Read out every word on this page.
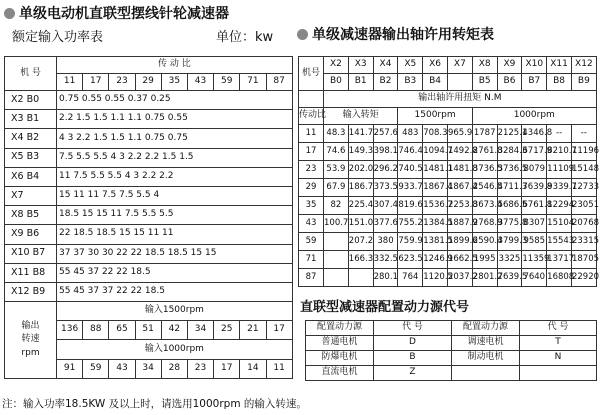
单级电动机直联型摆线针轮减速器
额定输入功率表	单位：kw
机 号	传 动 比								
	11	17	23	29	35	43	59	71	87
X2 B0	0.75 0.55 0.55 0.37 0.25								
X3 B1	2.2 1.5 1.5 1.1 1.1 0.75 0.55								
X4 B2	4 3 2.2 1.5 1.5 1.1 0.75 0.75								
X5 B3	7.5 5.5 5.5 4 3 2.2 2.2 1.5 1.5								
X6 B4	11 7.5 5.5 5.5 4 3 2.2 2.2								
X7	15 11 11 7.5 7.5 5.5 4								
X8 B5	18.5 15 15 11 7.5 5.5 5.5								
X9 B6	22 18.5 18.5 15 15 11 11								
X10 B7	37 37 30 30 22 22 18.5 18.5 15 15								
X11 B8	55 45 37 22 22 18.5								
X12 B9	55 45 37 37 22 22 18.5								

输出
转速
rpm	输入1500rpm								
	136	88	65	51	42	34	25	21	17
	输入1000rpm								
	91	59	43	34	28	23	17	14	11
单级减速器输出轴许用转矩表
机号	X2	X3	X4	X5	X6	X7	X8	X9	X10	X11	X12
	B0	B1	B2	B3	B4		B5	B6	B7	B8	B9
	输出轴许用扭矩 N.M										
传动比	输入转矩			1500rpm			1000rpm				
11	48.3	141.7	257.6	483	708.3	965.9	1787	2125.1	4346.8	--	--
17	74.6	149.3	398.1	746.4	1094.7	1492.8	2761.8	3284.3	6717.9	8210.7	11196
23	53.9	202.0	296.2	740.5	1481.1	1481.8	3736.5	3736.5	8079	11109	15148
29	67.9	186.7	373.5	933.7	1867.4	1867.4	2546.5	4711.3	7639.8	9339.7	12733
35	82	225.4	307.4	819.6	1536.7	2253.8	3673.4	5686.5	6761.8	12294	23051
43	100.7	151.0	377.6	755.2	1384.5	1887.9	2768.9	3775.8	8307	15104	20768
59		207.2	380	759.9	1381.5	1899.6	2590.4	3799.3	9585	15543	23315
71		166.3	332.5	623.5	1246.9	1662.5	1995	3325	11359	13717	18705
87			280.1	764	1120.5	2037.2	2801.2	7639.5	7640	16808	22920
直联型减速器配置动力源代号
配置动力源	代 号	配置动力源	代 号
普通电机	D	调速电机	T
防爆电机	B	制动电机	N
直流电机	Z		
注：输入功率18.5KW 及以上时，请选用1000rpm 的输入转速。
